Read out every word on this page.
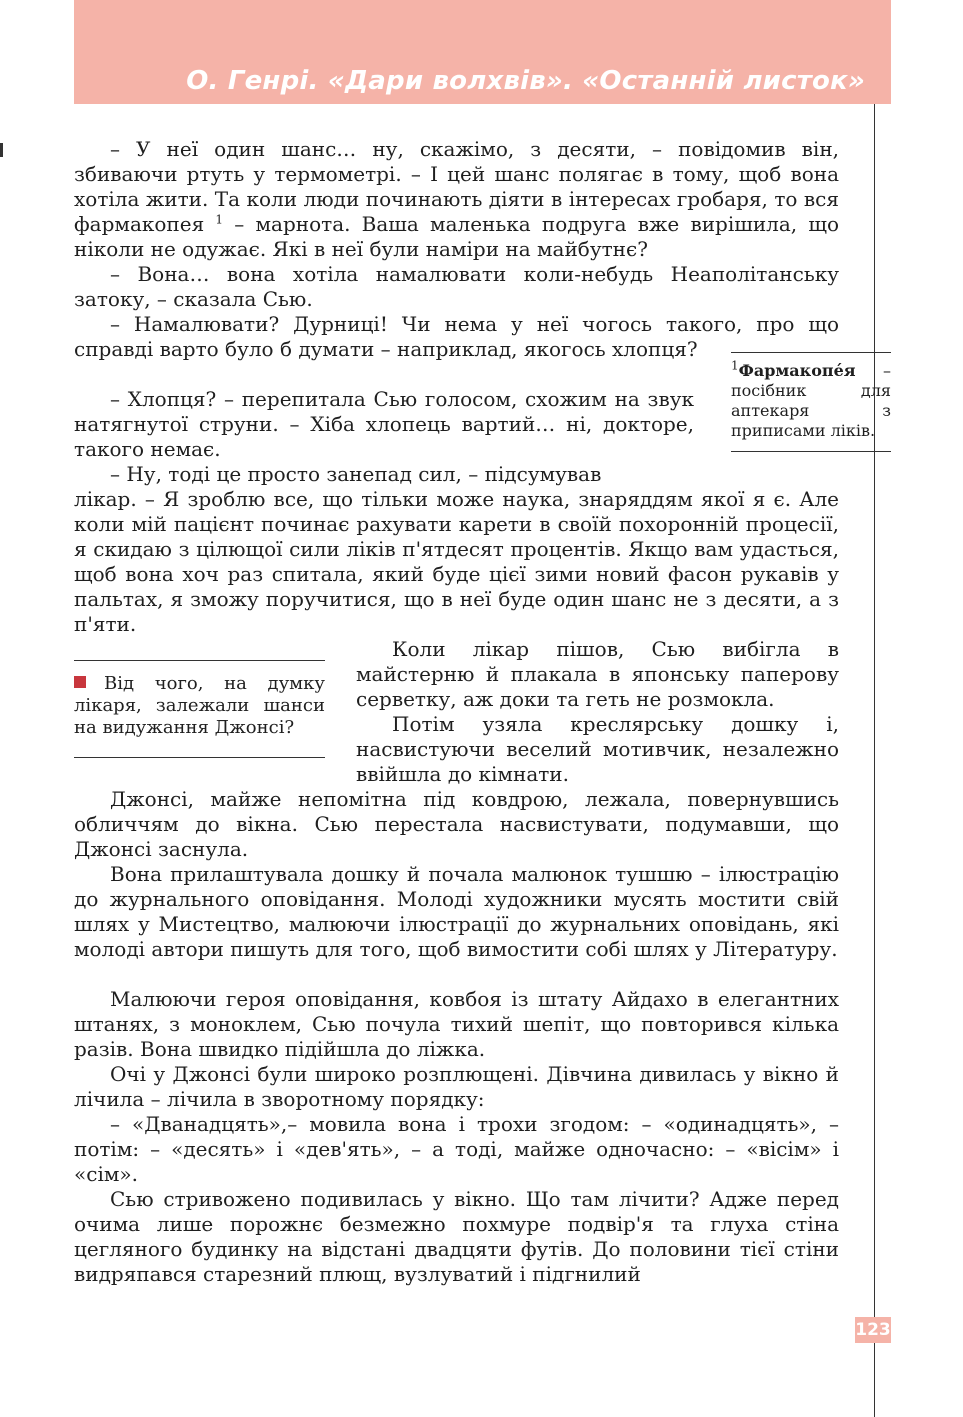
О. Генрі. «Дари волхвів». «Останній листок»

– У неї один шанс… ну, скажімо, з десяти, – повідомив він, збиваючи ртуть у термометрі. – І цей шанс полягає в тому, щоб вона хотіла жити. Та коли люди починають діяти в інтересах гробаря, то вся фармакопея $^1$ – марнота. Ваша маленька подруга вже вирішила, що ніколи не одужає. Які в неї були наміри на майбутнє?

– Вона… вона хотіла намалювати коли-небудь Неаполітанську затоку, – сказала Сью.

– Намалювати? Дурниці! Чи нема у неї чогось такого, про що справді варто було б думати – наприклад, якогось хлопця?

– Хлопця? – перепитала Сью голосом, схожим на звук натягнутої струни. – Хіба хлопець вартий… ні, докторе, такого немає.

– Ну, тоді це просто занепад сил, – підсумував

лікар. – Я зроблю все, що тільки може наука, знаряддям якої я є. Але коли мій пацієнт починає рахувати карети в своїй похоронній процесії, я скидаю з цілющої сили ліків п'ятдесят процентів. Якщо вам удасться, щоб вона хоч раз спитала, який буде цієї зими новий фасон рукавів у пальтах, я зможу поручитися, що в неї буде один шанс не з десяти, а з п'яти.

$^1$Фармакопе́я – посібник для аптекаря з приписами ліків.

Від чого, на думку лікаря, залежали шанси на видужання Джонсі?

Коли лікар пішов, Сью вибігла в майстерню й плакала в японську паперову серветку, аж доки та геть не розмокла.

Потім узяла креслярську дошку і, насвистуючи веселий мотивчик, незалежно ввійшла до кімнати.

Джонсі, майже непомітна під ковдрою, лежала, повернувшись обличчям до вікна. Сью перестала насвистувати, подумавши, що Джонсі заснула.

Вона прилаштувала дошку й почала малюнок тушшю – ілюстрацію до журнального оповідання. Молоді художники мусять мостити свій шлях у Мистецтво, малюючи ілюстрації до журнальних оповідань, які молоді автори пишуть для того, щоб вимостити собі шлях у Літературу.

Малюючи героя оповідання, ковбоя із штату Айдахо в елегантних штанях, з моноклем, Сью почула тихий шепіт, що повторився кілька разів. Вона швидко підійшла до ліжка.

Очі у Джонсі були широко розплющені. Дівчина дивилась у вікно й лічила – лічила в зворотному порядку:

– «Дванадцять»,– мовила вона і трохи згодом: – «одинадцять», – потім: – «десять» і «дев'ять», – а тоді, майже одночасно: – «вісім» і «сім».

Сью стривожено подивилась у вікно. Що там лічити? Адже перед очима лише порожнє безмежно похмуре подвір'я та глуха стіна цегляного будинку на відстані двадцяти футів. До половини тієї стіни видряпався старезний плющ, вузлуватий і підгнилий

123
